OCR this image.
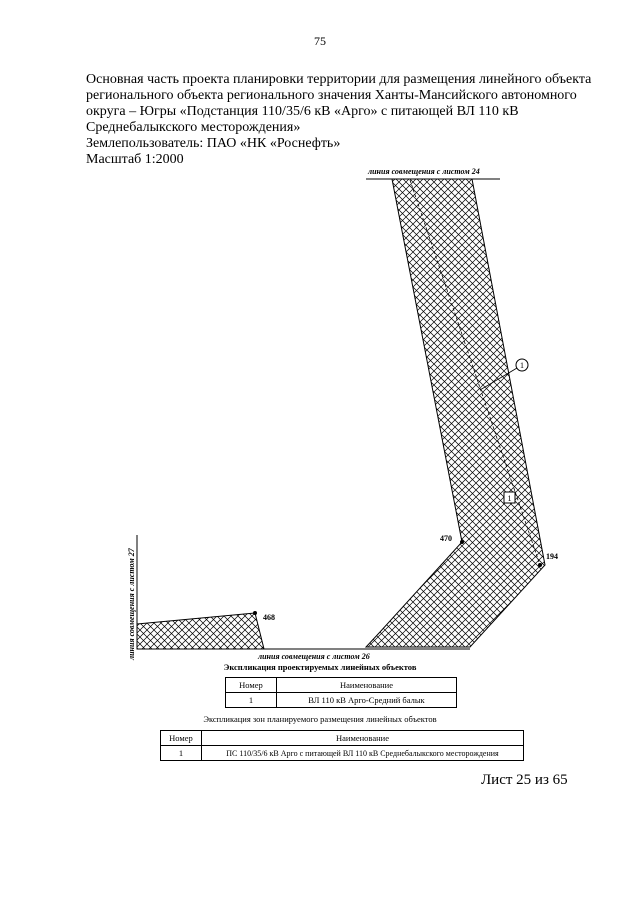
75
Основная часть проекта планировки территории для размещения линейного объекта
регионального объекта регионального значения Ханты-Мансийского автономного
округа – Югры «Подстанция 110/35/6 кВ «Арго» с питающей ВЛ 110 кВ
Среднебалыкского месторождения»
Землепользователь: ПАО «НК «Роснефть»
Масштаб 1:2000
линия совмещения с листом 24
линия совмещения с листом 26
линия совмещения с листом 27
470
194
468
1
1
Экспликация проектируемых линейных объектов
Номер	Наименование
1	ВЛ 110 кВ Арго-Средний балык
Экспликация зон планируемого размещения линейных объектов
Номер	Наименование
1	ПС 110/35/6 кВ Арго с питающей ВЛ 110 кВ Среднебалыкского месторождения
Лист 25 из 65
